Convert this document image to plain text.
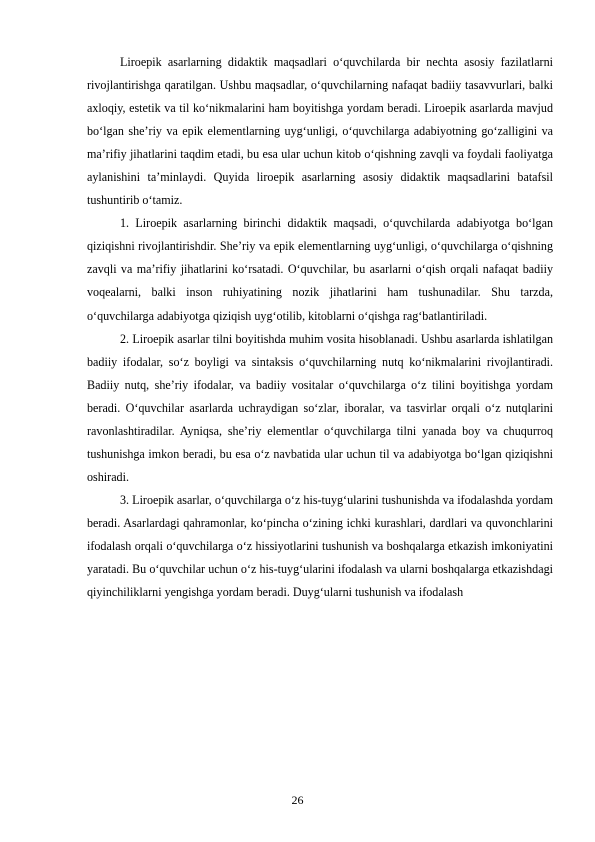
Liroepik asarlarning didaktik maqsadlari o‘quvchilarda bir nechta asosiy fazilatlarni rivojlantirishga qaratilgan. Ushbu maqsadlar, o‘quvchilarning nafaqat badiiy tasavvurlari, balki axloqiy, estetik va til ko‘nikmalarini ham boyitishga yordam beradi. Liroepik asarlarda mavjud bo‘lgan she’riy va epik elementlarning uyg‘unligi, o‘quvchilarga adabiyotning go‘zalligini va ma’rifiy jihatlarini taqdim etadi, bu esa ular uchun kitob o‘qishning zavqli va foydali faoliyatga aylanishini ta’minlaydi. Quyida liroepik asarlarning asosiy didaktik maqsadlarini batafsil tushuntirib o‘tamiz.

1. Liroepik asarlarning birinchi didaktik maqsadi, o‘quvchilarda adabiyotga bo‘lgan qiziqishni rivojlantirishdir. She’riy va epik elementlarning uyg‘unligi, o‘quvchilarga o‘qishning zavqli va ma’rifiy jihatlarini ko‘rsatadi. O‘quvchilar, bu asarlarni o‘qish orqali nafaqat badiiy voqealarni, balki inson ruhiyatining nozik jihatlarini ham tushunadilar. Shu tarzda, o‘quvchilarga adabiyotga qiziqish uyg‘otilib, kitoblarni o‘qishga rag‘batlantiriladi.

2. Liroepik asarlar tilni boyitishda muhim vosita hisoblanadi. Ushbu asarlarda ishlatilgan badiiy ifodalar, so‘z boyligi va sintaksis o‘quvchilarning nutq ko‘nikmalarini rivojlantiradi. Badiiy nutq, she’riy ifodalar, va badiiy vositalar o‘quvchilarga o‘z tilini boyitishga yordam beradi. O‘quvchilar asarlarda uchraydigan so‘zlar, iboralar, va tasvirlar orqali o‘z nutqlarini ravonlashtiradilar. Ayniqsa, she’riy elementlar o‘quvchilarga tilni yanada boy va chuqurroq tushunishga imkon beradi, bu esa o‘z navbatida ular uchun til va adabiyotga bo‘lgan qiziqishni oshiradi.

3. Liroepik asarlar, o‘quvchilarga o‘z his-tuyg‘ularini tushunishda va ifodalashda yordam beradi. Asarlardagi qahramonlar, ko‘pincha o‘zining ichki kurashlari, dardlari va quvonchlarini ifodalash orqali o‘quvchilarga o‘z hissiyotlarini tushunish va boshqalarga etkazish imkoniyatini yaratadi. Bu o‘quvchilar uchun o‘z his-tuyg‘ularini ifodalash va ularni boshqalarga etkazishdagi qiyinchiliklarni yengishga yordam beradi. Duyg‘ularni tushunish va ifodalash

26
